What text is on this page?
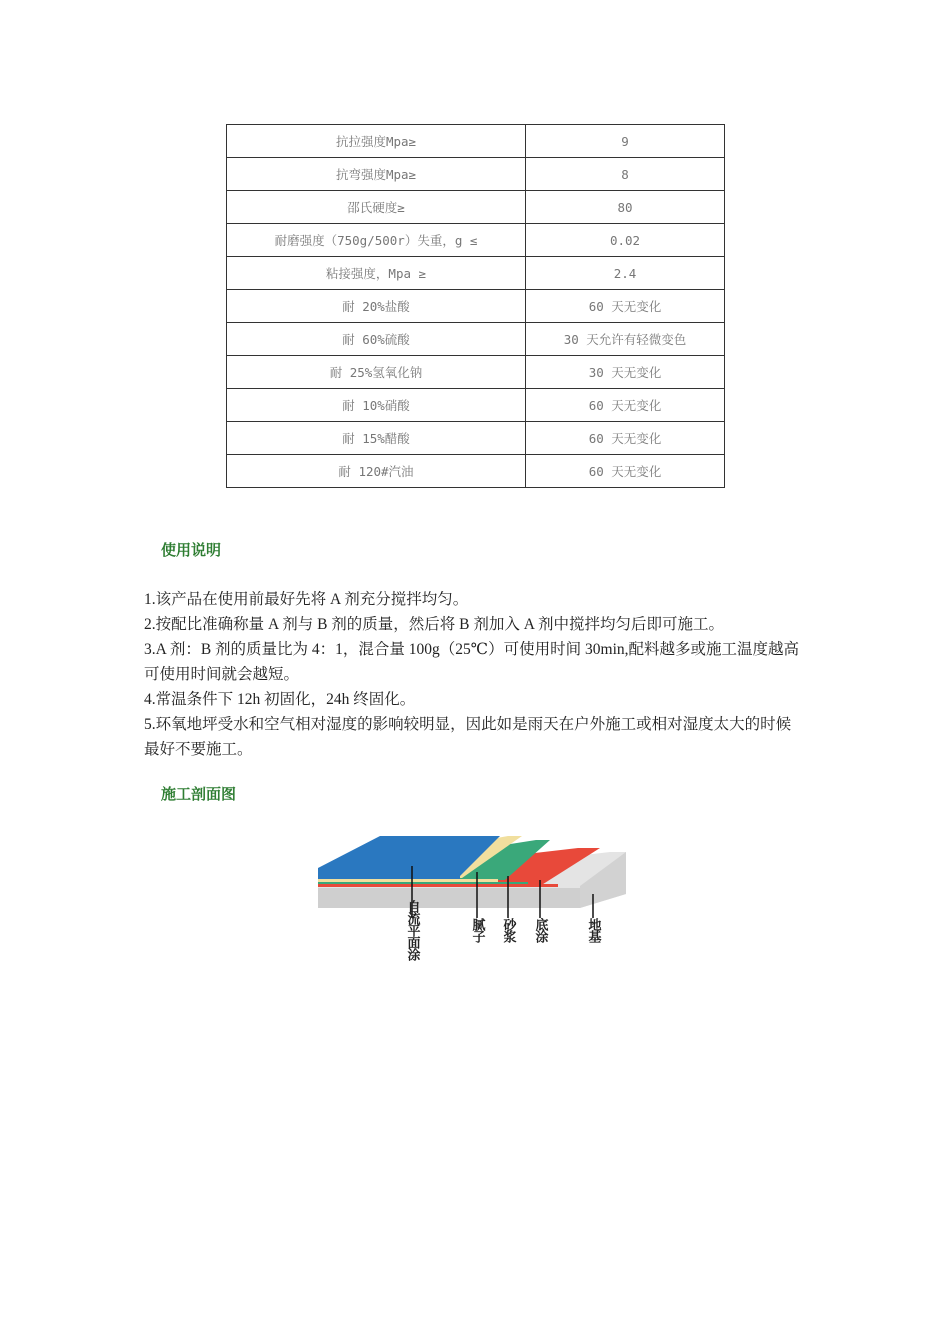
抗拉强度Mpa≥	9
抗弯强度Mpa≥	8
邵氏硬度≥	80
耐磨强度（750g/500r）失重，g ≤	0.02
粘接强度，Mpa ≥	2.4
耐 20%盐酸	60 天无变化
耐 60%硫酸	30 天允许有轻微变色
耐 25%氢氧化钠	30 天无变化
耐 10%硝酸	60 天无变化
耐 15%醋酸	60 天无变化
耐 120#汽油	60 天无变化
使用说明

1.该产品在使用前最好先将 A 剂充分搅拌均匀。

2.按配比准确称量 A 剂与 B 剂的质量，然后将 B 剂加入 A 剂中搅拌均匀后即可施工。

3.A 剂：B 剂的质量比为 4：1，混合量 100g（25℃）可使用时间 30min,配料越多或施工温度越高可使用时间就会越短。

4.常温条件下 12h 初固化，24h 终固化。

5.环氧地坪受水和空气相对湿度的影响较明显，因此如是雨天在户外施工或相对湿度太大的时候最好不要施工。

施工剖面图
自流平面涂	腻子 砂浆 底涂	地基
